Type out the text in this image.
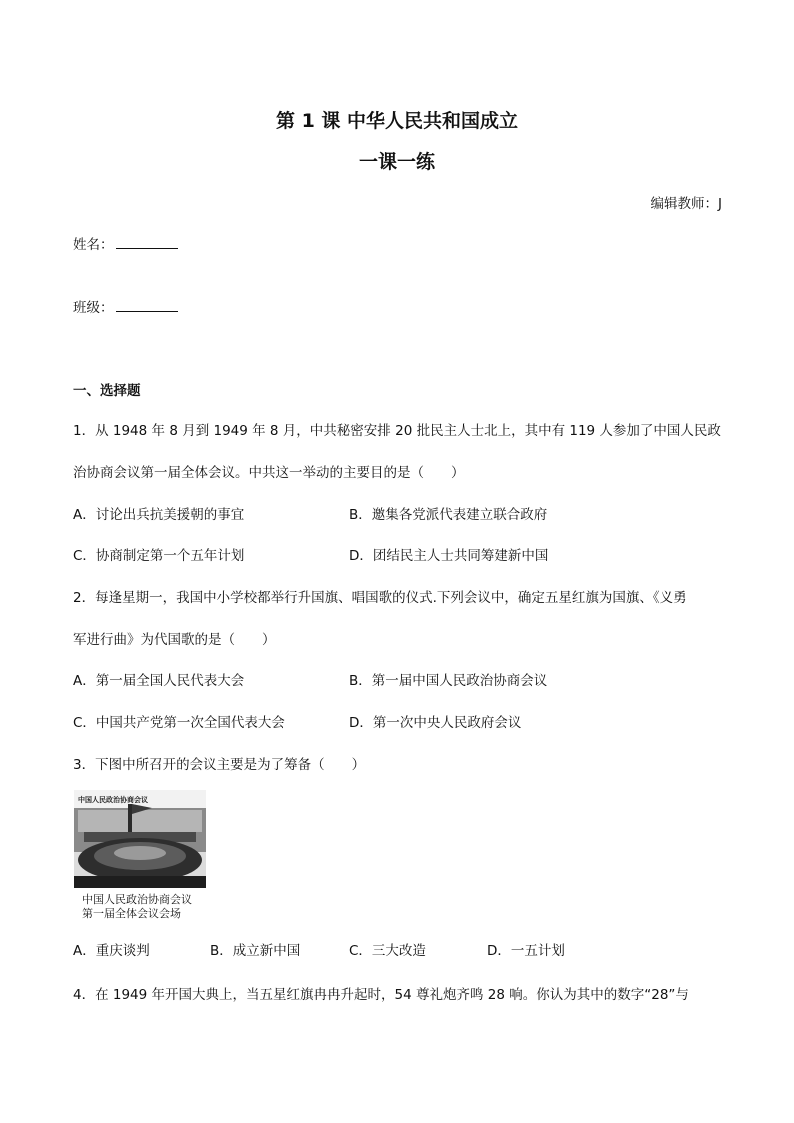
第 1 课 中华人民共和国成立
一课一练
编辑教师：J
姓名：
班级：
一、选择题
1．从 1948 年 8 月到 1949 年 8 月，中共秘密安排 20 批民主人士北上，其中有 119 人参加了中国人民政
治协商会议第一届全体会议。中共这一举动的主要目的是（　　）
A．讨论出兵抗美援朝的事宜	B．邀集各党派代表建立联合政府
C．协商制定第一个五年计划	D．团结民主人士共同筹建新中国
2．每逢星期一，我国中小学校都举行升国旗、唱国歌的仪式.下列会议中，确定五星红旗为国旗、《义勇
军进行曲》为代国歌的是（　　）
A．第一届全国人民代表大会	B．第一届中国人民政治协商会议
C．中国共产党第一次全国代表大会	D．第一次中央人民政府会议
3．下图中所召开的会议主要是为了筹备（　　）
中国人民政治协商会议
中国人民政治协商会议
第一届全体会议会场
A．重庆谈判	B．成立新中国	C．三大改造	D．一五计划
4．在 1949 年开国大典上，当五星红旗冉冉升起时，54 尊礼炮齐鸣 28 响。你认为其中的数字“28”与
